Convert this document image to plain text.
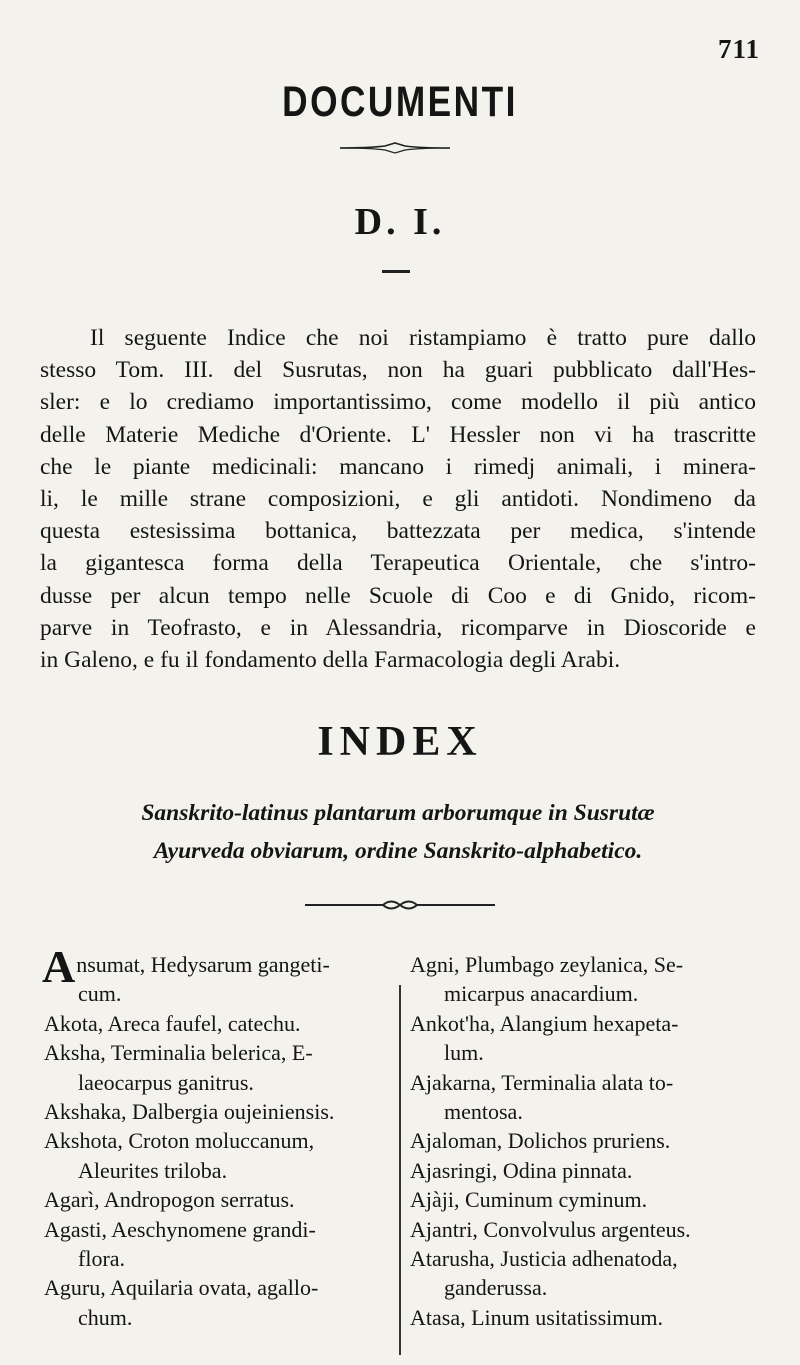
711
DOCUMENTI
D. I.
Il seguente Indice che noi ristampiamo è tratto pure dallo
stesso Tom. III. del Susrutas, non ha guari pubblicato dall'Hes-
sler: e lo crediamo importantissimo, come modello il più antico
delle Materie Mediche d'Oriente. L' Hessler non vi ha trascritte
che le piante medicinali: mancano i rimedj animali, i minera-
li, le mille strane composizioni, e gli antidoti. Nondimeno da
questa estesissima bottanica, battezzata per medica, s'intende
la gigantesca forma della Terapeutica Orientale, che s'intro-
dusse per alcun tempo nelle Scuole di Coo e di Gnido, ricom-
parve in Teofrasto, e in Alessandria, ricomparve in Dioscoride e
in Galeno, e fu il fondamento della Farmacologia degli Arabi.
INDEX
Sanskrito-latinus plantarum arborumque in Susrutæ
Ayurveda obviarum, ordine Sanskrito-alphabetico.
Ansumat, Hedysarum gangeti-
cum.
Akota, Areca faufel, catechu.
Aksha, Terminalia belerica, E-
laeocarpus ganitrus.
Akshaka, Dalbergia oujeiniensis.
Akshota, Croton moluccanum,
Aleurites triloba.
Agarì, Andropogon serratus.
Agasti, Aeschynomene grandi-
flora.
Aguru, Aquilaria ovata, agallo-
chum.
Agni, Plumbago zeylanica, Se-
micarpus anacardium.
Ankot'ha, Alangium hexapeta-
lum.
Ajakarna, Terminalia alata to-
mentosa.
Ajaloman, Dolichos pruriens.
Ajasringi, Odina pinnata.
Ajàji, Cuminum cyminum.
Ajantri, Convolvulus argenteus.
Atarusha, Justicia adhenatoda,
ganderussa.
Atasa, Linum usitatissimum.
